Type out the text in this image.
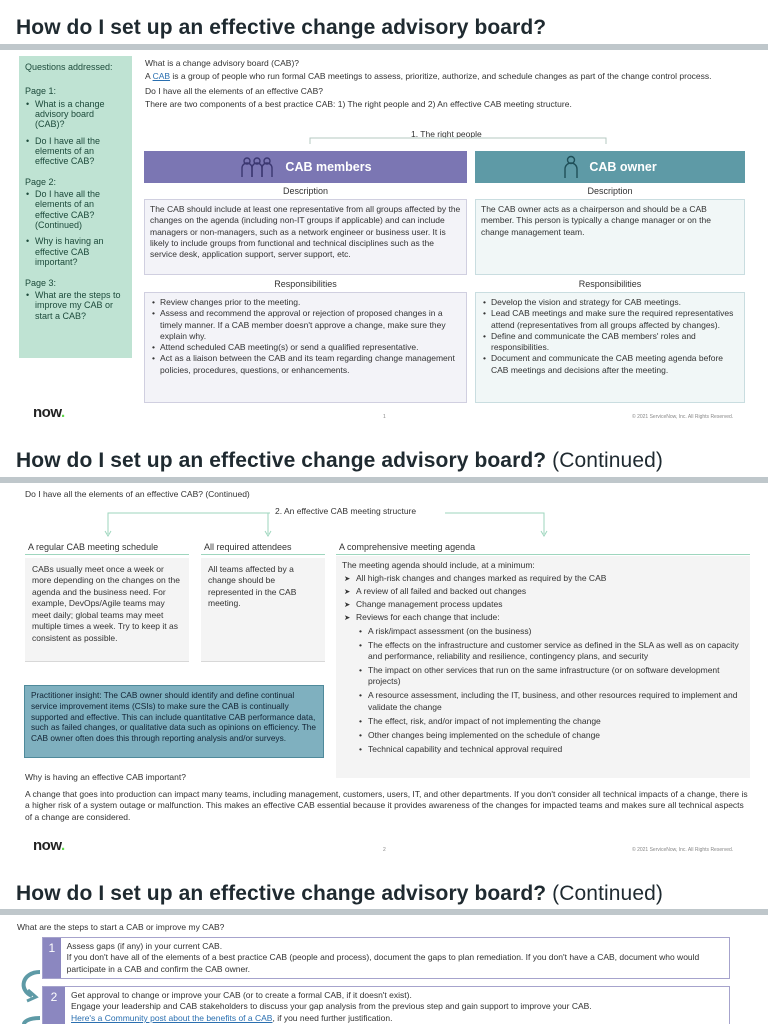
How do I set up an effective change advisory board?
Questions addressed:
Page 1:
• What is a change advisory board (CAB)?
• Do I have all the elements of an effective CAB?
Page 2:
• Do I have all the elements of an effective CAB? (Continued)
• Why is having an effective CAB important?
Page 3:
• What are the steps to improve my CAB or start a CAB?
What is a change advisory board (CAB)?
A CAB is a group of people who run formal CAB meetings to assess, prioritize, authorize, and schedule changes as part of the change control process.
Do I have all the elements of an effective CAB?
There are two components of a best practice CAB: 1) The right people and 2) An effective CAB meeting structure.
1. The right people
CAB members
Description
The CAB should include at least one representative from all groups affected by the changes on the agenda (including non-IT groups if applicable) and can include managers or non-managers, such as a network engineer or business user. It is likely to include groups from functional and technical disciplines such as the service desk, application support, server support, etc.
Responsibilities
• Review changes prior to the meeting.
• Assess and recommend the approval or rejection of proposed changes in a timely manner. If a CAB member doesn't approve a change, make sure they explain why.
• Attend scheduled CAB meeting(s) or send a qualified representative.
• Act as a liaison between the CAB and its team regarding change management policies, procedures, questions, or enhancements.
CAB owner
Description
The CAB owner acts as a chairperson and should be a CAB member. This person is typically a change manager or on the change management team.
Responsibilities
• Develop the vision and strategy for CAB meetings.
• Lead CAB meetings and make sure the required representatives attend (representatives from all groups affected by changes).
• Define and communicate the CAB members' roles and responsibilities.
• Document and communicate the CAB meeting agenda before CAB meetings and decisions after the meeting.
now.	1	© 2021 ServiceNow, Inc. All Rights Reserved.
How do I set up an effective change advisory board? (Continued)
Do I have all the elements of an effective CAB? (Continued)
2. An effective CAB meeting structure
A regular CAB meeting schedule
CABs usually meet once a week or more depending on the changes on the agenda and the business need. For example, DevOps/Agile teams may meet daily; global teams may meet multiple times a week. Try to keep it as consistent as possible.
All required attendees
All teams affected by a change should be represented in the CAB meeting.
A comprehensive meeting agenda
The meeting agenda should include, at a minimum:
➤ All high-risk changes and changes marked as required by the CAB
➤ A review of all failed and backed out changes
➤ Change management process updates
➤ Reviews for each change that include:
• A risk/impact assessment (on the business)
• The effects on the infrastructure and customer service as defined in the SLA as well as on capacity and performance, reliability and resilience, contingency plans, and security
• The impact on other services that run on the same infrastructure (or on software development projects)
• A resource assessment, including the IT, business, and other resources required to implement and validate the change
• The effect, risk, and/or impact of not implementing the change
• Other changes being implemented on the schedule of change
• Technical capability and technical approval required
Practitioner insight: The CAB owner should identify and define continual service improvement items (CSIs) to make sure the CAB is continually supported and effective. This can include quantitative CAB performance data, such as failed changes, or qualitative data such as opinions on efficiency. The CAB owner often does this through reporting analysis and/or surveys.
Why is having an effective CAB important?
A change that goes into production can impact many teams, including management, customers, users, IT, and other departments. If you don't consider all technical impacts of a change, there is a higher risk of a system outage or malfunction. This makes an effective CAB essential because it provides awareness of the changes for impacted teams and makes sure all technical aspects of a change are considered.
now.	2	© 2021 ServiceNow, Inc. All Rights Reserved.
How do I set up an effective change advisory board? (Continued)
What are the steps to start a CAB or improve my CAB?
1	Assess gaps (if any) in your current CAB.
If you don't have all of the elements of a best practice CAB (people and process), document the gaps to plan remediation. If you don't have a CAB, document who would participate in a CAB and confirm the CAB owner.
2	Get approval to change or improve your CAB (or to create a formal CAB, if it doesn't exist).
Engage your leadership and CAB stakeholders to discuss your gap analysis from the previous step and gain support to improve your CAB.
Here's a Community post about the benefits of a CAB, if you need further justification.
